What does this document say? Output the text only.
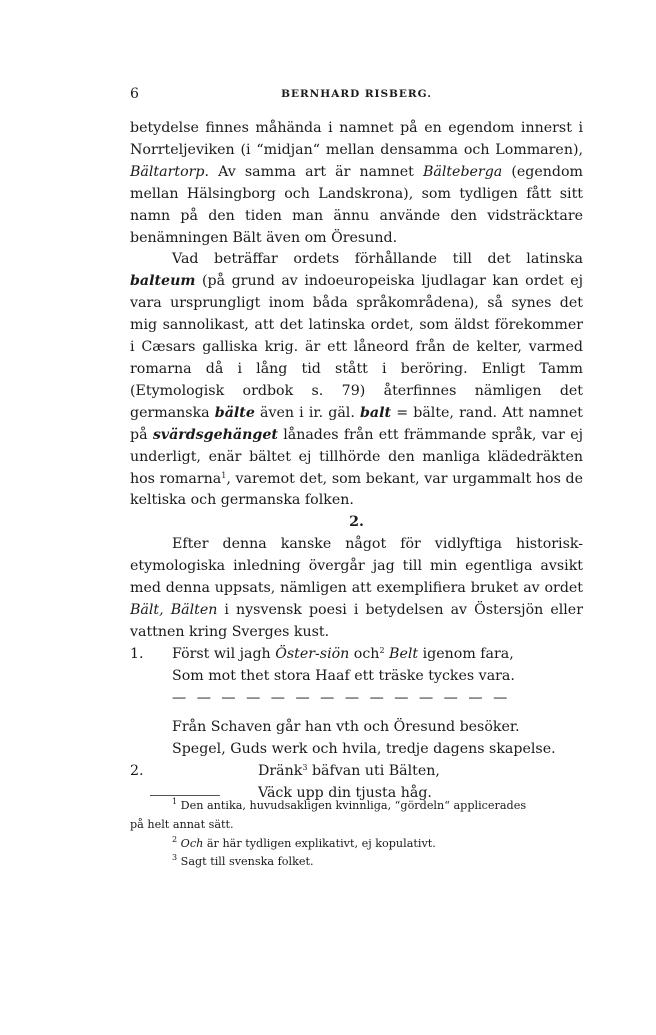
6	BERNHARD RISBERG.

betydelse finnes måhända i namnet på en egendom innerst i Norrteljeviken (i “midjan“ mellan densamma och Lommaren), Bältartorp. Av samma art är namnet Bälteberga (egendom mellan Hälsingborg och Landskrona), som tydligen fått sitt namn på den tiden man ännu använde den vidsträcktare benämningen Bält även om Öresund.

Vad beträffar ordets förhållande till det latinska balteum (på grund av indoeuropeiska ljudlagar kan ordet ej vara ursprungligt inom båda språkområdena), så synes det mig sannolikast, att det latinska ordet, som äldst förekommer i Cæsars galliska krig. är ett låneord från de kelter, varmed romarna då i lång tid stått i beröring. Enligt Tamm (Etymologisk ordbok s. 79) återfinnes nämligen det germanska bälte även i ir. gäl. balt = bälte, rand. Att namnet på svärdsgehänget lånades från ett främmande språk, var ej underligt, enär bältet ej tillhörde den manliga klädedräkten hos romarna$^1$, varemot det, som bekant, var urgammalt hos de keltiska och germanska folken.

2.

Efter denna kanske något för vidlyftiga historisk-etymologiska inledning övergår jag till min egentliga avsikt med denna uppsats, nämligen att exemplifiera bruket av ordet Bält, Bälten i nysvensk poesi i betydelsen av Östersjön eller vattnen kring Sverges kust.

1. Först wil jagh Öster-siön och$^2$ Belt igenom fara,
Som mot thet stora Haaf ett träske tyckes vara.
— — — — — — — — — — — — — —
Från Schaven går han vth och Öresund besöker.
Spegel, Guds werk och hvila, tredje dagens skapelse.
2.	Dränk$^3$ bäfvan uti Bälten,
Väck upp din tjusta håg.

$^1$ Den antika, huvudsakligen kvinnliga, “gördeln“ applicerades
på helt annat sätt.

$^2$ Och är här tydligen explikativt, ej kopulativt.

$^3$ Sagt till svenska folket.
